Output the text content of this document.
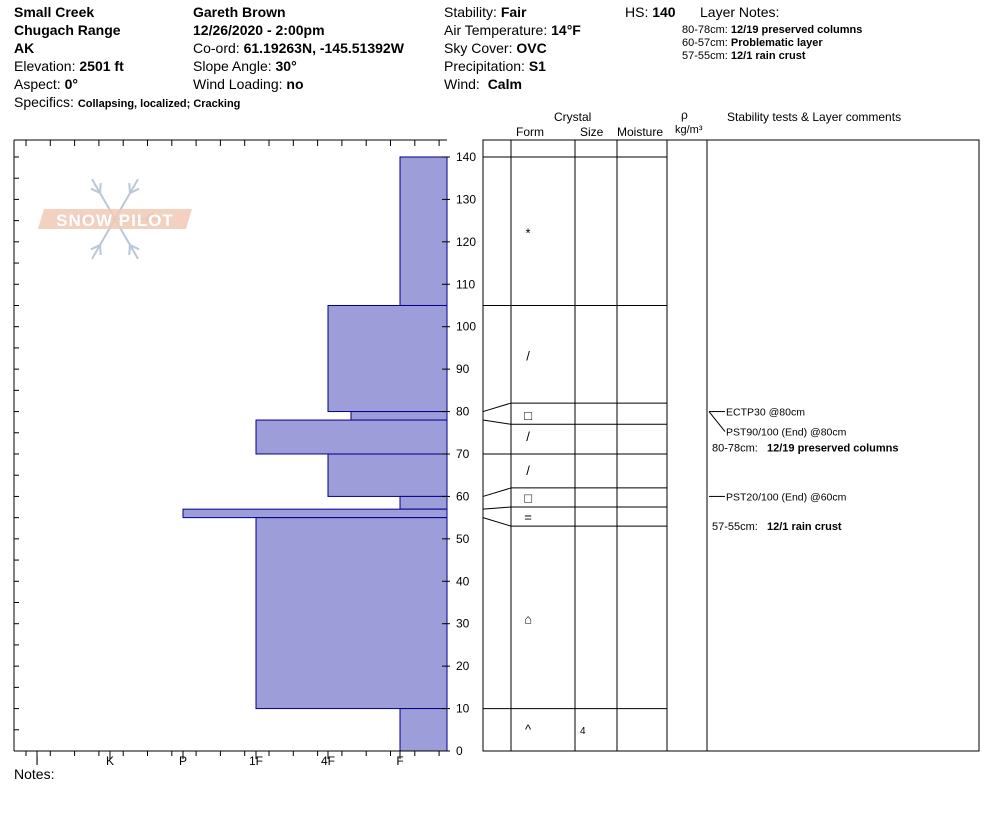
Small Creek
Chugach Range
AK
Elevation: 2501 ft
Aspect: 0°
Specifics: Collapsing, localized; Cracking
Gareth Brown
12/26/2020 - 2:00pm
Co-ord: 61.19263N, -145.51392W
Slope Angle: 30°
Wind Loading: no
Stability: Fair
Air Temperature: 14°F
Sky Cover: OVC
Precipitation: S1
Wind: Calm
HS: 140 Layer Notes:
80-78cm: 12/19 preserved columns
60-57cm: Problematic layer
57-55cm: 12/1 rain crust
Crystal
Form	Size Moisture
ρ
kg/m³
Stability tests & Layer comments
Notes:
SNOW PILOT
I	K	P	1F	4F	F
0
10
20
30
40
50
60
70
80
90
100
110
120
130
140
*
/
□
/
/
□
=
⌂
^	4
ECTP30 @80cm
PST90/100 (End) @80cm
PST20/100 (End) @60cm
80-78cm: 12/19 preserved columns
57-55cm: 12/1 rain crust
